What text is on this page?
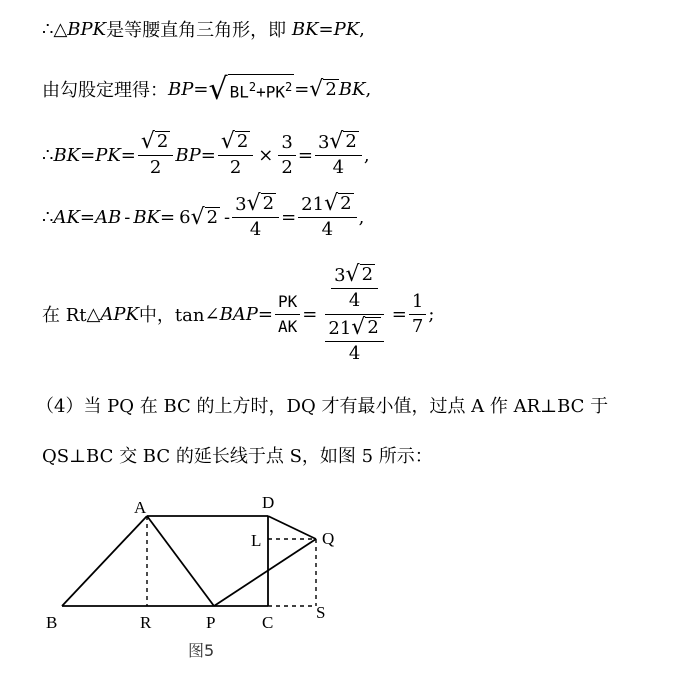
∴ △ BPK 是等腰直角三角形，即
BK = PK ,
由勾股定理得： BP = √ $BL^2+PK^2$ = √ 2 BK ,
∴ BK = PK = $\frac{√ 2}{2}$ BP = $\frac{√ 2}{2} \times \frac{3}{2} = \frac{3 √ 2}{4}$ ,
∴ AK = AB - BK = 6 √ $2 - \frac{3 √ 2}{4} = \frac{21 √ 2}{4}$ ,
在 Rt △ APK 中，tan ∠ BAP = $\frac{PK}{AK} = \frac{\frac{3 √ 2}{4}}{\frac{21 √ 2}{4}} = \frac{1}{7}$ ;
（4）当 PQ 在 BC 的上方时，DQ 才有最小值，过点 A 作 AR⊥BC 于
QS⊥BC 交 BC 的延长线于点 S，如图 5 所示：
A	D
L	Q
B	R	P	C
S
图5
